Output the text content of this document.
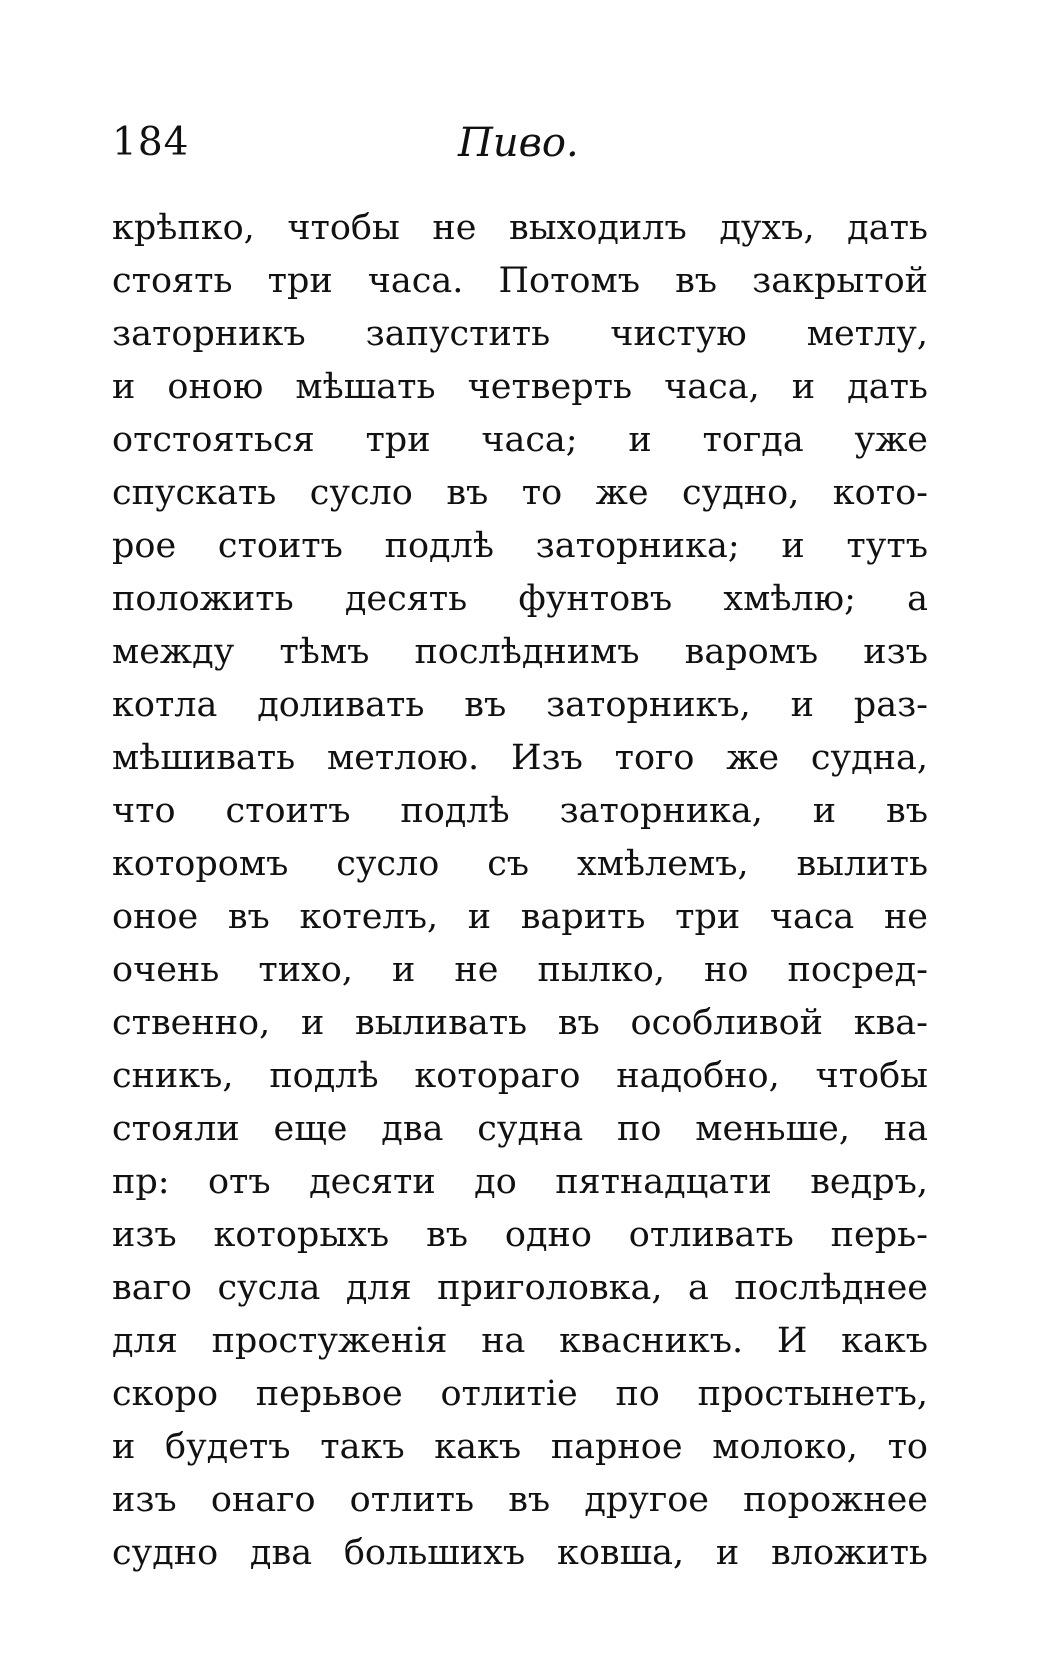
184	Пиво.
крѣпко, чтобы не выходилъ духъ, дать
стоять три часа. Потомъ въ закрытой
заторникъ запустить чистую метлу,
и оною мѣшать четверть часа, и дать
отстояться три часа; и тогда уже
спускать сусло въ то же судно, кото-
рое стоитъ подлѣ заторника; и тутъ
положить десять фунтовъ хмѣлю; а
между тѣмъ послѣднимъ варомъ изъ
котла доливать въ заторникъ, и раз-
мѣшивать метлою. Изъ того же судна,
что стоитъ подлѣ заторника, и въ
которомъ сусло съ хмѣлемъ, вылить
оное въ котелъ, и варить три часа не
очень тихо, и не пылко, но посред-
ственно, и выливать въ особливой ква-
сникъ, подлѣ котораго надобно, чтобы
стояли еще два судна по меньше, на
пр: отъ десяти до пятнадцати ведръ,
изъ которыхъ въ одно отливать перь-
ваго сусла для приголовка, а послѣднее
для простуженія на квасникъ. И какъ
скоро перьвое отлитіе по простынетъ,
и будетъ такъ какъ парное молоко, то
изъ онаго отлить въ другое порожнее
судно два большихъ ковша, и вложить
